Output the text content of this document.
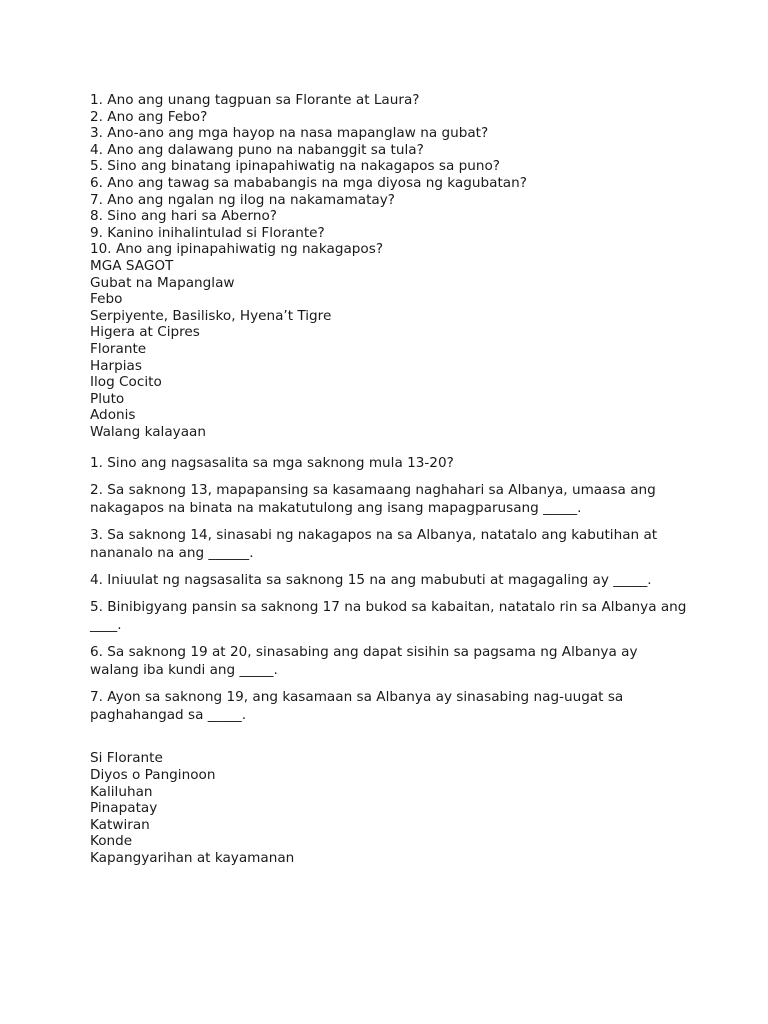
1. Ano ang unang tagpuan sa Florante at Laura?
2. Ano ang Febo?
3. Ano-ano ang mga hayop na nasa mapanglaw na gubat?
4. Ano ang dalawang puno na nabanggit sa tula?
5. Sino ang binatang ipinapahiwatig na nakagapos sa puno?
6. Ano ang tawag sa mababangis na mga diyosa ng kagubatan?
7. Ano ang ngalan ng ilog na nakamamatay?
8. Sino ang hari sa Aberno?
9. Kanino inihalintulad si Florante?
10. Ano ang ipinapahiwatig ng nakagapos?
MGA SAGOT
Gubat na Mapanglaw
Febo
Serpiyente, Basilisko, Hyena’t Tigre
Higera at Cipres
Florante
Harpias
Ilog Cocito
Pluto
Adonis
Walang kalayaan

1. Sino ang nagsasalita sa mga saknong mula 13-20?

2. Sa saknong 13, mapapansing sa kasamaang naghahari sa Albanya, umaasa ang nakagapos na binata na makatutulong ang isang mapagparusang _____.

3. Sa saknong 14, sinasabi ng nakagapos na sa Albanya, natatalo ang kabutihan at nananalo na ang ______.

4. Iniuulat ng nagsasalita sa saknong 15 na ang mabubuti at magagaling ay _____.

5. Binibigyang pansin sa saknong 17 na bukod sa kabaitan, natatalo rin sa Albanya ang ____.

6. Sa saknong 19 at 20, sinasabing ang dapat sisihin sa pagsama ng Albanya ay walang iba kundi ang _____.

7. Ayon sa saknong 19, ang kasamaan sa Albanya ay sinasabing nag-uugat sa paghahangad sa _____.

Si Florante
Diyos o Panginoon
Kaliluhan
Pinapatay
Katwiran
Konde
Kapangyarihan at kayamanan
